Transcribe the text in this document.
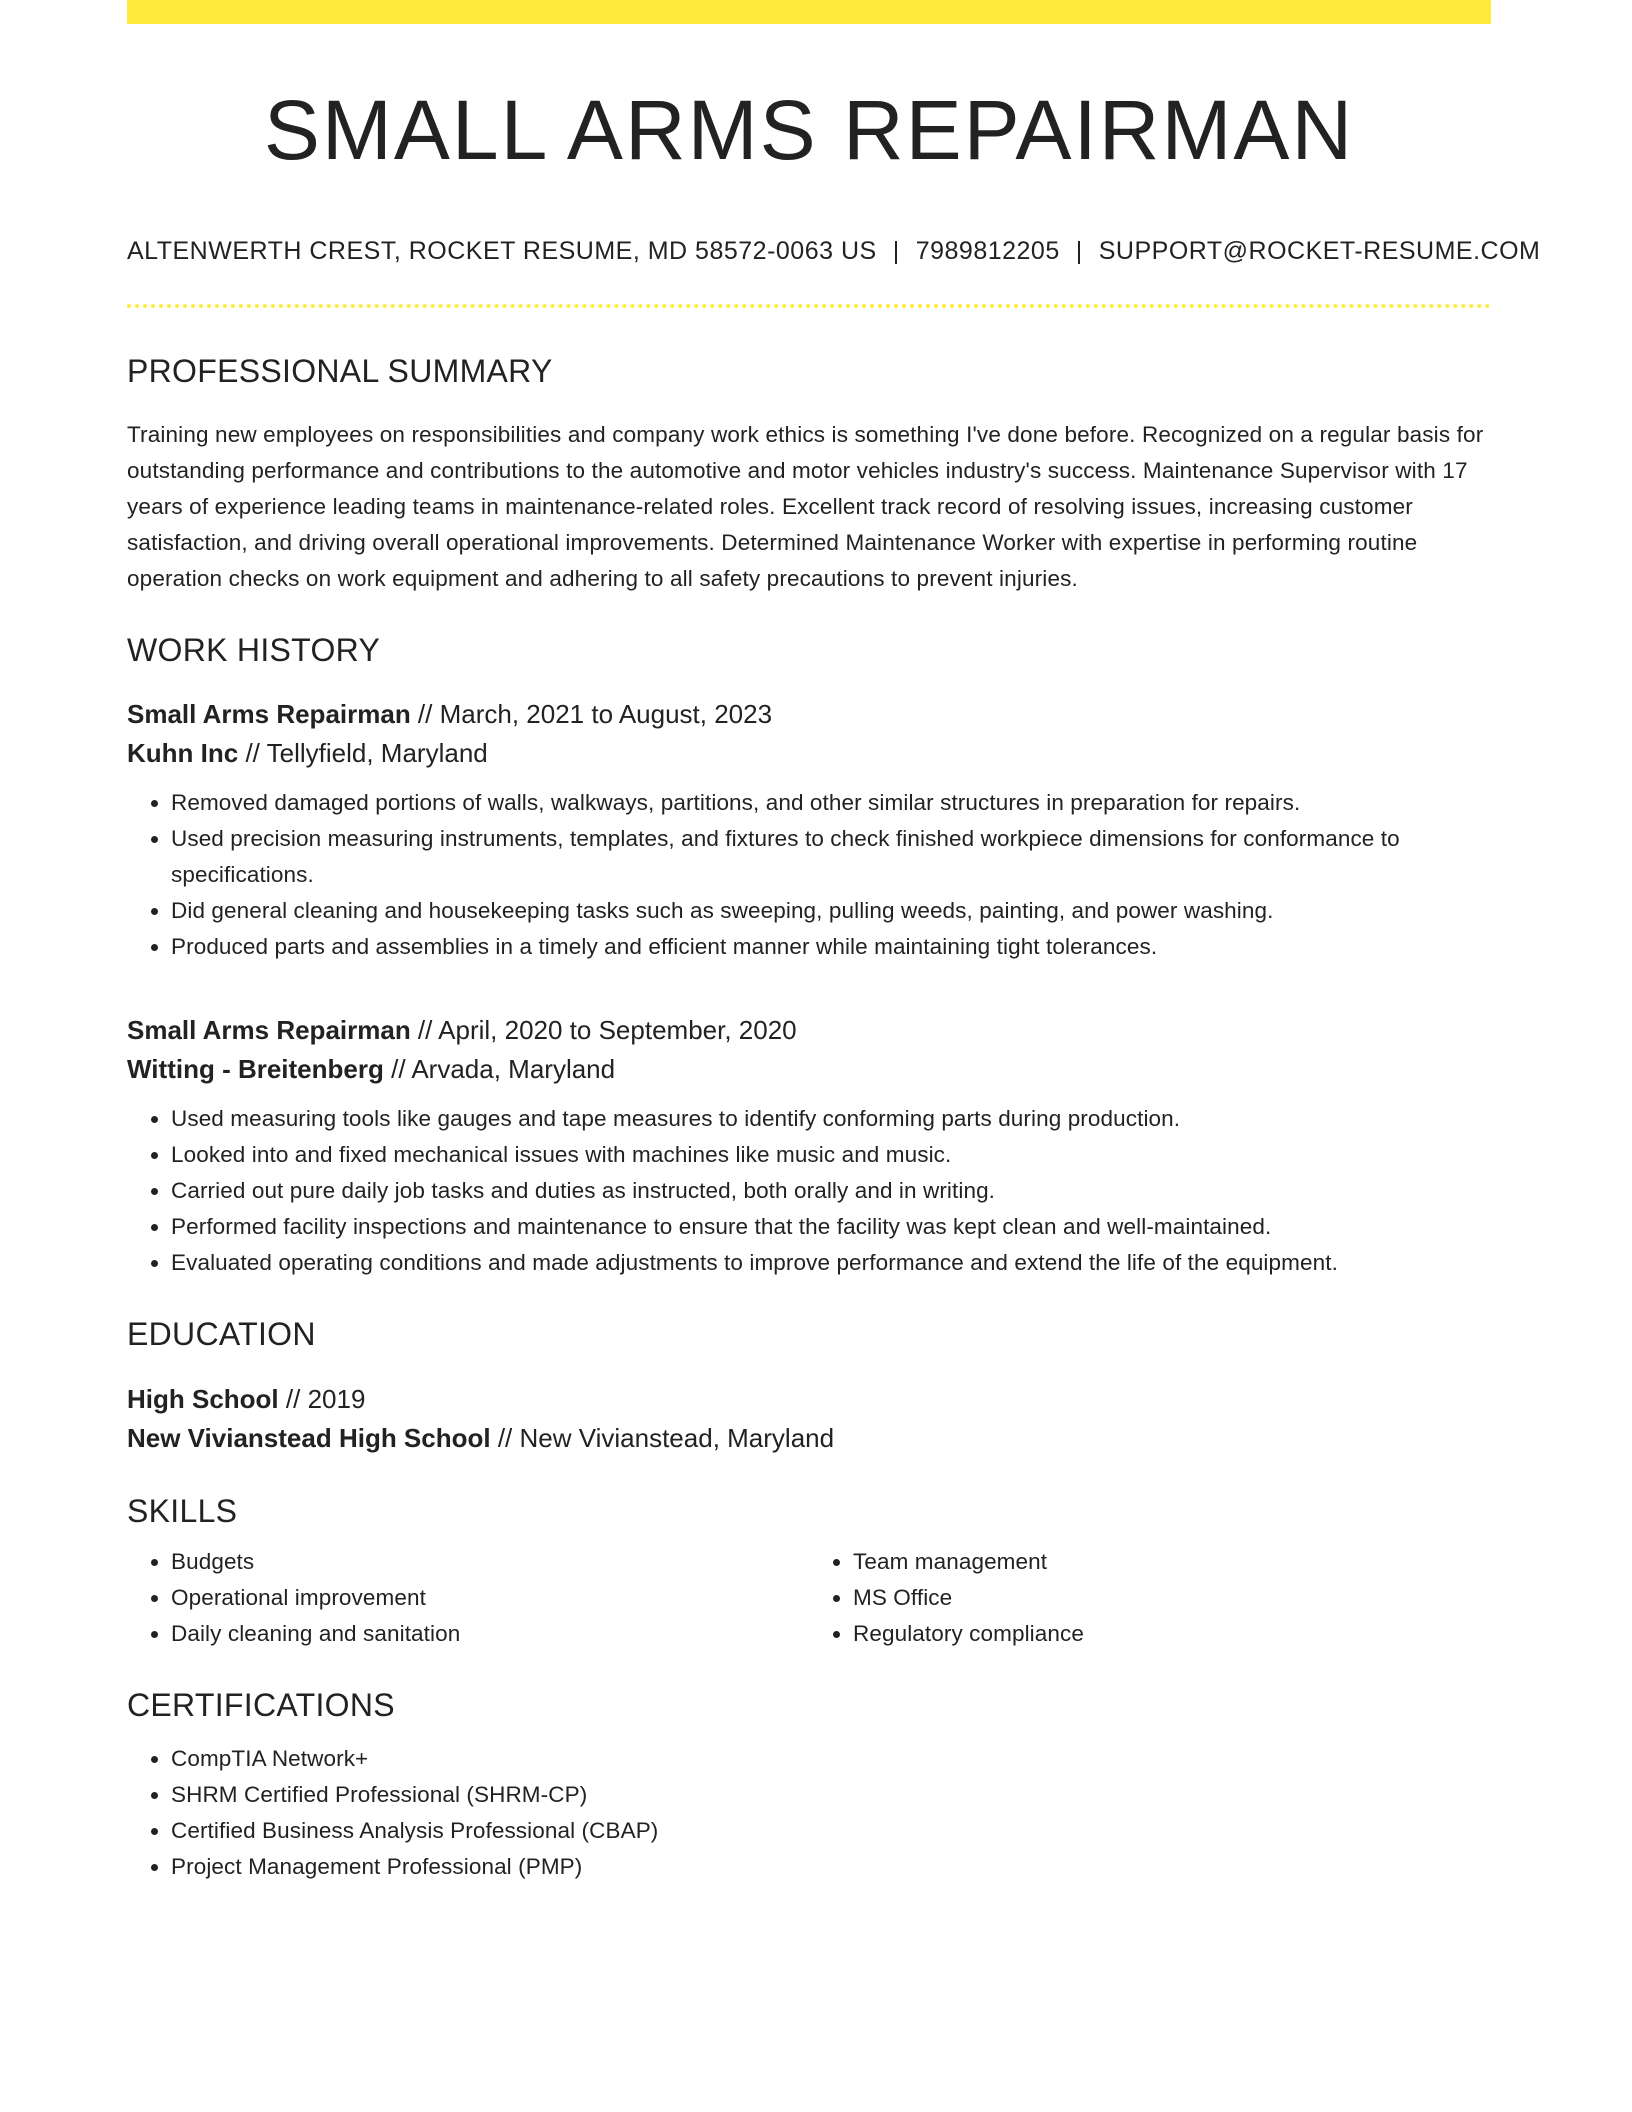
SMALL ARMS REPAIRMAN
ALTENWERTH CREST, ROCKET RESUME, MD 58572-0063 US | 7989812205 | SUPPORT@ROCKET-RESUME.COM
PROFESSIONAL SUMMARY
Training new employees on responsibilities and company work ethics is something I've done before. Recognized on a regular basis for outstanding performance and contributions to the automotive and motor vehicles industry's success. Maintenance Supervisor with 17 years of experience leading teams in maintenance-related roles. Excellent track record of resolving issues, increasing customer satisfaction, and driving overall operational improvements. Determined Maintenance Worker with expertise in performing routine operation checks on work equipment and adhering to all safety precautions to prevent injuries.
WORK HISTORY
Small Arms Repairman // March, 2021 to August, 2023
Kuhn Inc // Tellyfield, Maryland
• Removed damaged portions of walls, walkways, partitions, and other similar structures in preparation for repairs.
• Used precision measuring instruments, templates, and fixtures to check finished workpiece dimensions for conformance to specifications.
• Did general cleaning and housekeeping tasks such as sweeping, pulling weeds, painting, and power washing.
• Produced parts and assemblies in a timely and efficient manner while maintaining tight tolerances.
Small Arms Repairman // April, 2020 to September, 2020
Witting - Breitenberg // Arvada, Maryland
• Used measuring tools like gauges and tape measures to identify conforming parts during production.
• Looked into and fixed mechanical issues with machines like music and music.
• Carried out pure daily job tasks and duties as instructed, both orally and in writing.
• Performed facility inspections and maintenance to ensure that the facility was kept clean and well-maintained.
• Evaluated operating conditions and made adjustments to improve performance and extend the life of the equipment.
EDUCATION
High School // 2019
New Vivianstead High School // New Vivianstead, Maryland
SKILLS
• Budgets
• Operational improvement
• Daily cleaning and sanitation
• Team management
• MS Office
• Regulatory compliance
CERTIFICATIONS
• CompTIA Network+
• SHRM Certified Professional (SHRM-CP)
• Certified Business Analysis Professional (CBAP)
• Project Management Professional (PMP)
